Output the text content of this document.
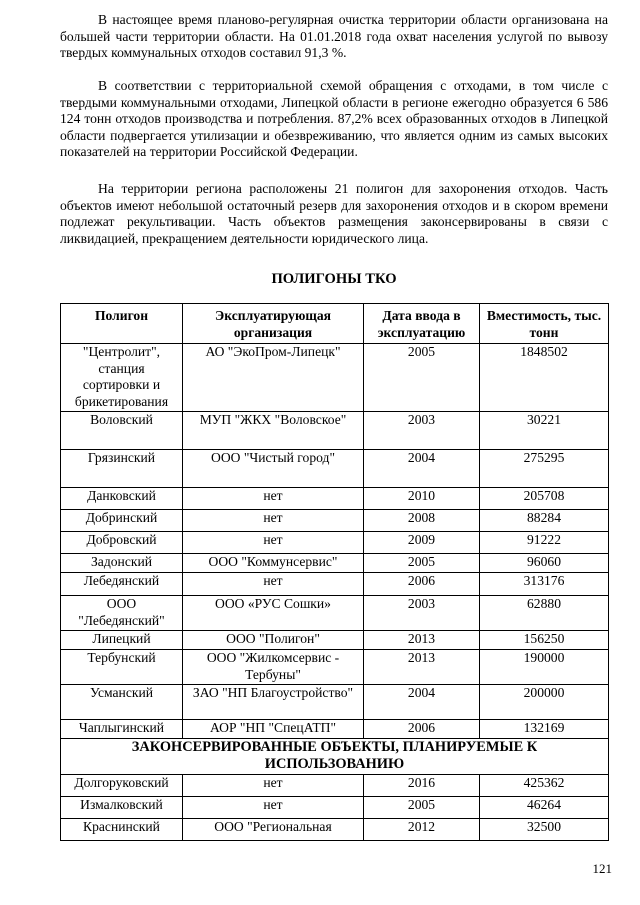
В настоящее время планово-регулярная очистка территории области организована на большей части территории области. На 01.01.2018 года охват населения услугой по вывозу твердых коммунальных отходов составил 91,3 %.

В соответствии с территориальной схемой обращения с отходами, в том числе с твердыми коммунальными отходами, Липецкой области в регионе ежегодно образуется 6 586 124 тонн отходов производства и потребления. 87,2% всех образованных отходов в Липецкой области подвергается утилизации и обезвреживанию, что является одним из самых высоких показателей на территории Российской Федерации.

На территории региона расположены 21 полигон для захоронения отходов. Часть объектов имеют небольшой остаточный резерв для захоронения отходов и в скором времени подлежат рекультивации. Часть объектов размещения законсервированы в связи с ликвидацией, прекращением деятельности юридического лица.

ПОЛИГОНЫ ТКО
Полигон	Эксплуатирующая организация	Дата ввода в эксплуатацию	Вместимость, тыс. тонн
"Центролит", станция сортировки и брикетирования	АО "ЭкоПром-Липецк"	2005	1848502
Воловский	МУП "ЖКХ "Воловское"	2003	30221
Грязинский	ООО "Чистый город"	2004	275295
Данковский	нет	2010	205708
Добринский	нет	2008	88284
Добровский	нет	2009	91222
Задонский	ООО "Коммунсервис"	2005	96060
Лебедянский	нет	2006	313176
ООО "Лебедянский"	ООО «РУС Сошки»	2003	62880
Липецкий	ООО "Полигон"	2013	156250
Тербунский	ООО "Жилкомсервис - Тербуны"	2013	190000
Усманский	ЗАО "НП Благоустройство"	2004	200000
Чаплыгинский	АОР "НП "СпецАТП"	2006	132169
ЗАКОНСЕРВИРОВАННЫЕ ОБЪЕКТЫ, ПЛАНИРУЕМЫЕ К ИСПОЛЬЗОВАНИЮ			
Долгоруковский	нет	2016	425362
Измалковский	нет	2005	46264
Краснинский	ООО "Региональная	2012	32500
121
